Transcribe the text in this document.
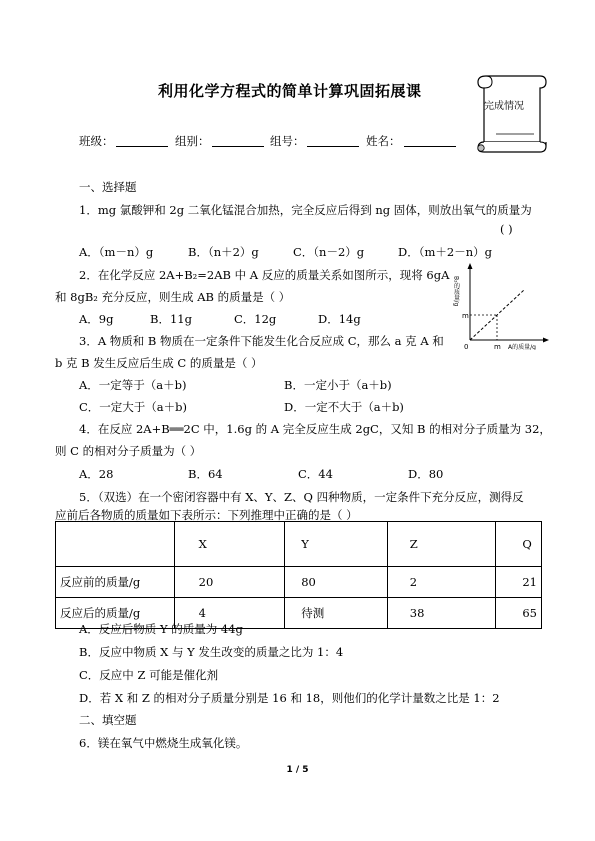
利用化学方程式的简单计算巩固拓展课
完成情况
班级：	组别：	组号：	姓名：
一、选择题
1．mg 氯酸钾和 2g 二氧化锰混合加热，完全反应后得到 ng 固体，则放出氧气的质量为
( )
A．（m－n）g	B．（n＋2）g	C．（n－2）g	D．（m＋2－n）g
2．在化学反应 2A+B₂=2AB 中 A 反应的质量关系如图所示，现将 6gA
和 8gB₂ 充分反应，则生成 AB 的质量是（ ）
A．9g	B．11g	C．12g	D．14g
B₂的质量/g
m
0	m A的质量/g
3．A 物质和 B 物质在一定条件下能发生化合反应成 C，那么 a 克 A 和
b 克 B 发生反应后生成 C 的质量是（ ）
A．一定等于（a＋b)	B．一定小于（a＋b)
C．一定大于（a＋b)	D．一定不大于（a＋b)
4．在反应 2A+B══2C 中，1.6g 的 A 完全反应生成 2gC，又知 B 的相对分子质量为 32，
则 C 的相对分子质量为（ ）
A．28	B．64	C．44	D．80
5．（双选）在一个密闭容器中有 X、Y、Z、Q 四种物质，一定条件下充分反应，测得反
应前后各物质的质量如下表所示：下列推理中正确的是（ ）
	X	Y	Z	Q
反应前的质量/g	20	80	2	21
反应后的质量/g	4	待测	38	65
A．反应后物质 Y 的质量为 44g
B．反应中物质 X 与 Y 发生改变的质量之比为 1：4
C．反应中 Z 可能是催化剂
D．若 X 和 Z 的相对分子质量分别是 16 和 18，则他们的化学计量数之比是 1：2
二、填空题
6．镁在氧气中燃烧生成氧化镁。
1 / 5
